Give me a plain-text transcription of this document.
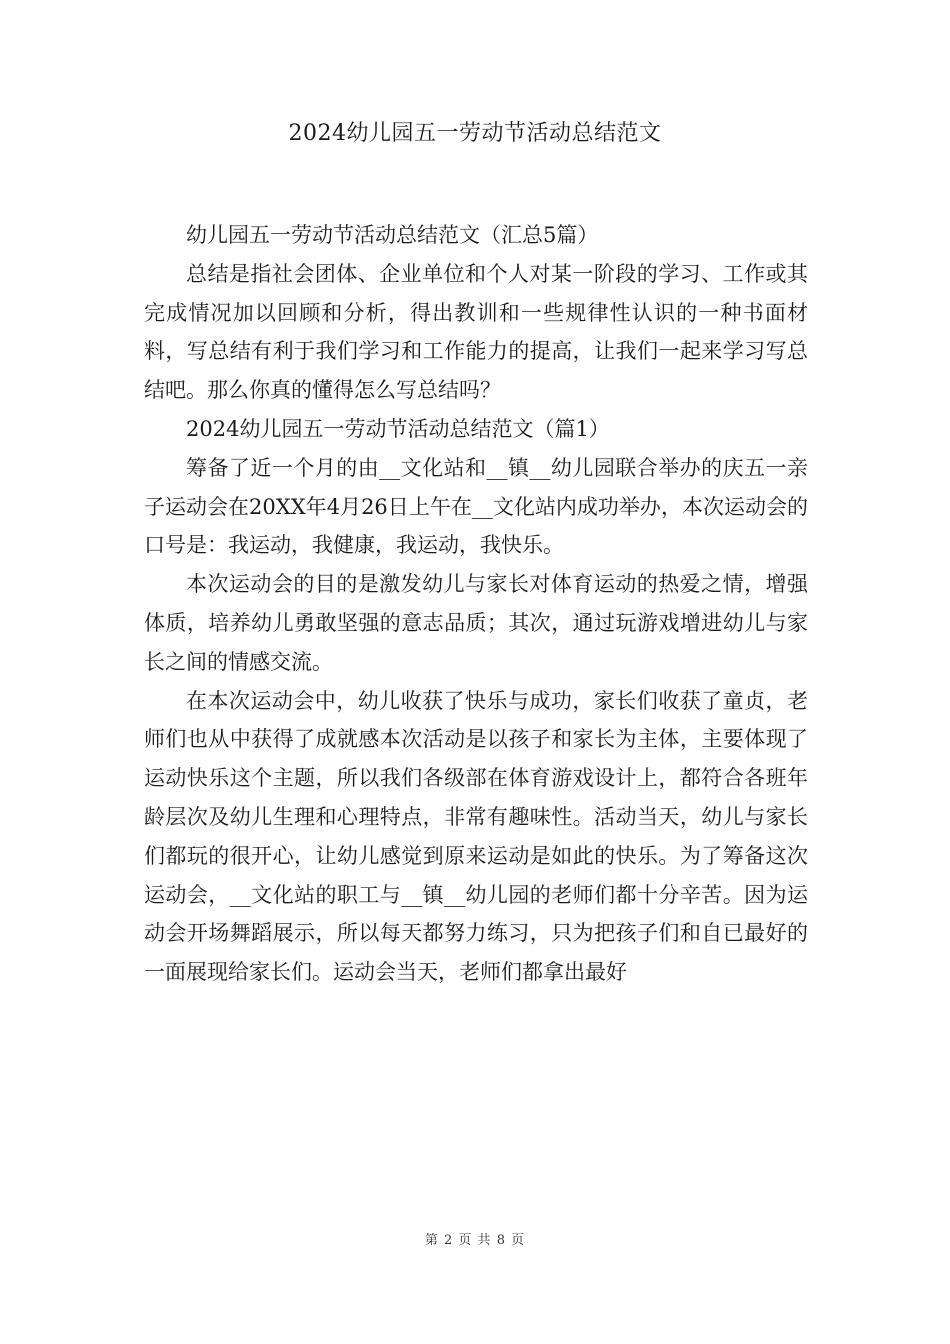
2024幼儿园五一劳动节活动总结范文

幼儿园五一劳动节活动总结范文（汇总5篇）

总结是指社会团体、企业单位和个人对某一阶段的学习、工作或其完成情况加以回顾和分析，得出教训和一些规律性认识的一种书面材料，写总结有利于我们学习和工作能力的提高，让我们一起来学习写总结吧。那么你真的懂得怎么写总结吗？

2024幼儿园五一劳动节活动总结范文（篇1）

筹备了近一个月的由__文化站和__镇__幼儿园联合举办的庆五一亲子运动会在20XX年4月26日上午在__文化站内成功举办，本次运动会的口号是：我运动，我健康，我运动，我快乐。

本次运动会的目的是激发幼儿与家长对体育运动的热爱之情，增强体质，培养幼儿勇敢坚强的意志品质；其次，通过玩游戏增进幼儿与家长之间的情感交流。

在本次运动会中，幼儿收获了快乐与成功，家长们收获了童贞，老师们也从中获得了成就感本次活动是以孩子和家长为主体，主要体现了运动快乐这个主题，所以我们各级部在体育游戏设计上，都符合各班年龄层次及幼儿生理和心理特点，非常有趣味性。活动当天，幼儿与家长们都玩的很开心，让幼儿感觉到原来运动是如此的快乐。为了筹备这次运动会，__文化站的职工与__镇__幼儿园的老师们都十分辛苦。因为运动会开场舞蹈展示，所以每天都努力练习，只为把孩子们和自已最好的一面展现给家长们。运动会当天，老师们都拿出最好

第 2 页 共 8 页
